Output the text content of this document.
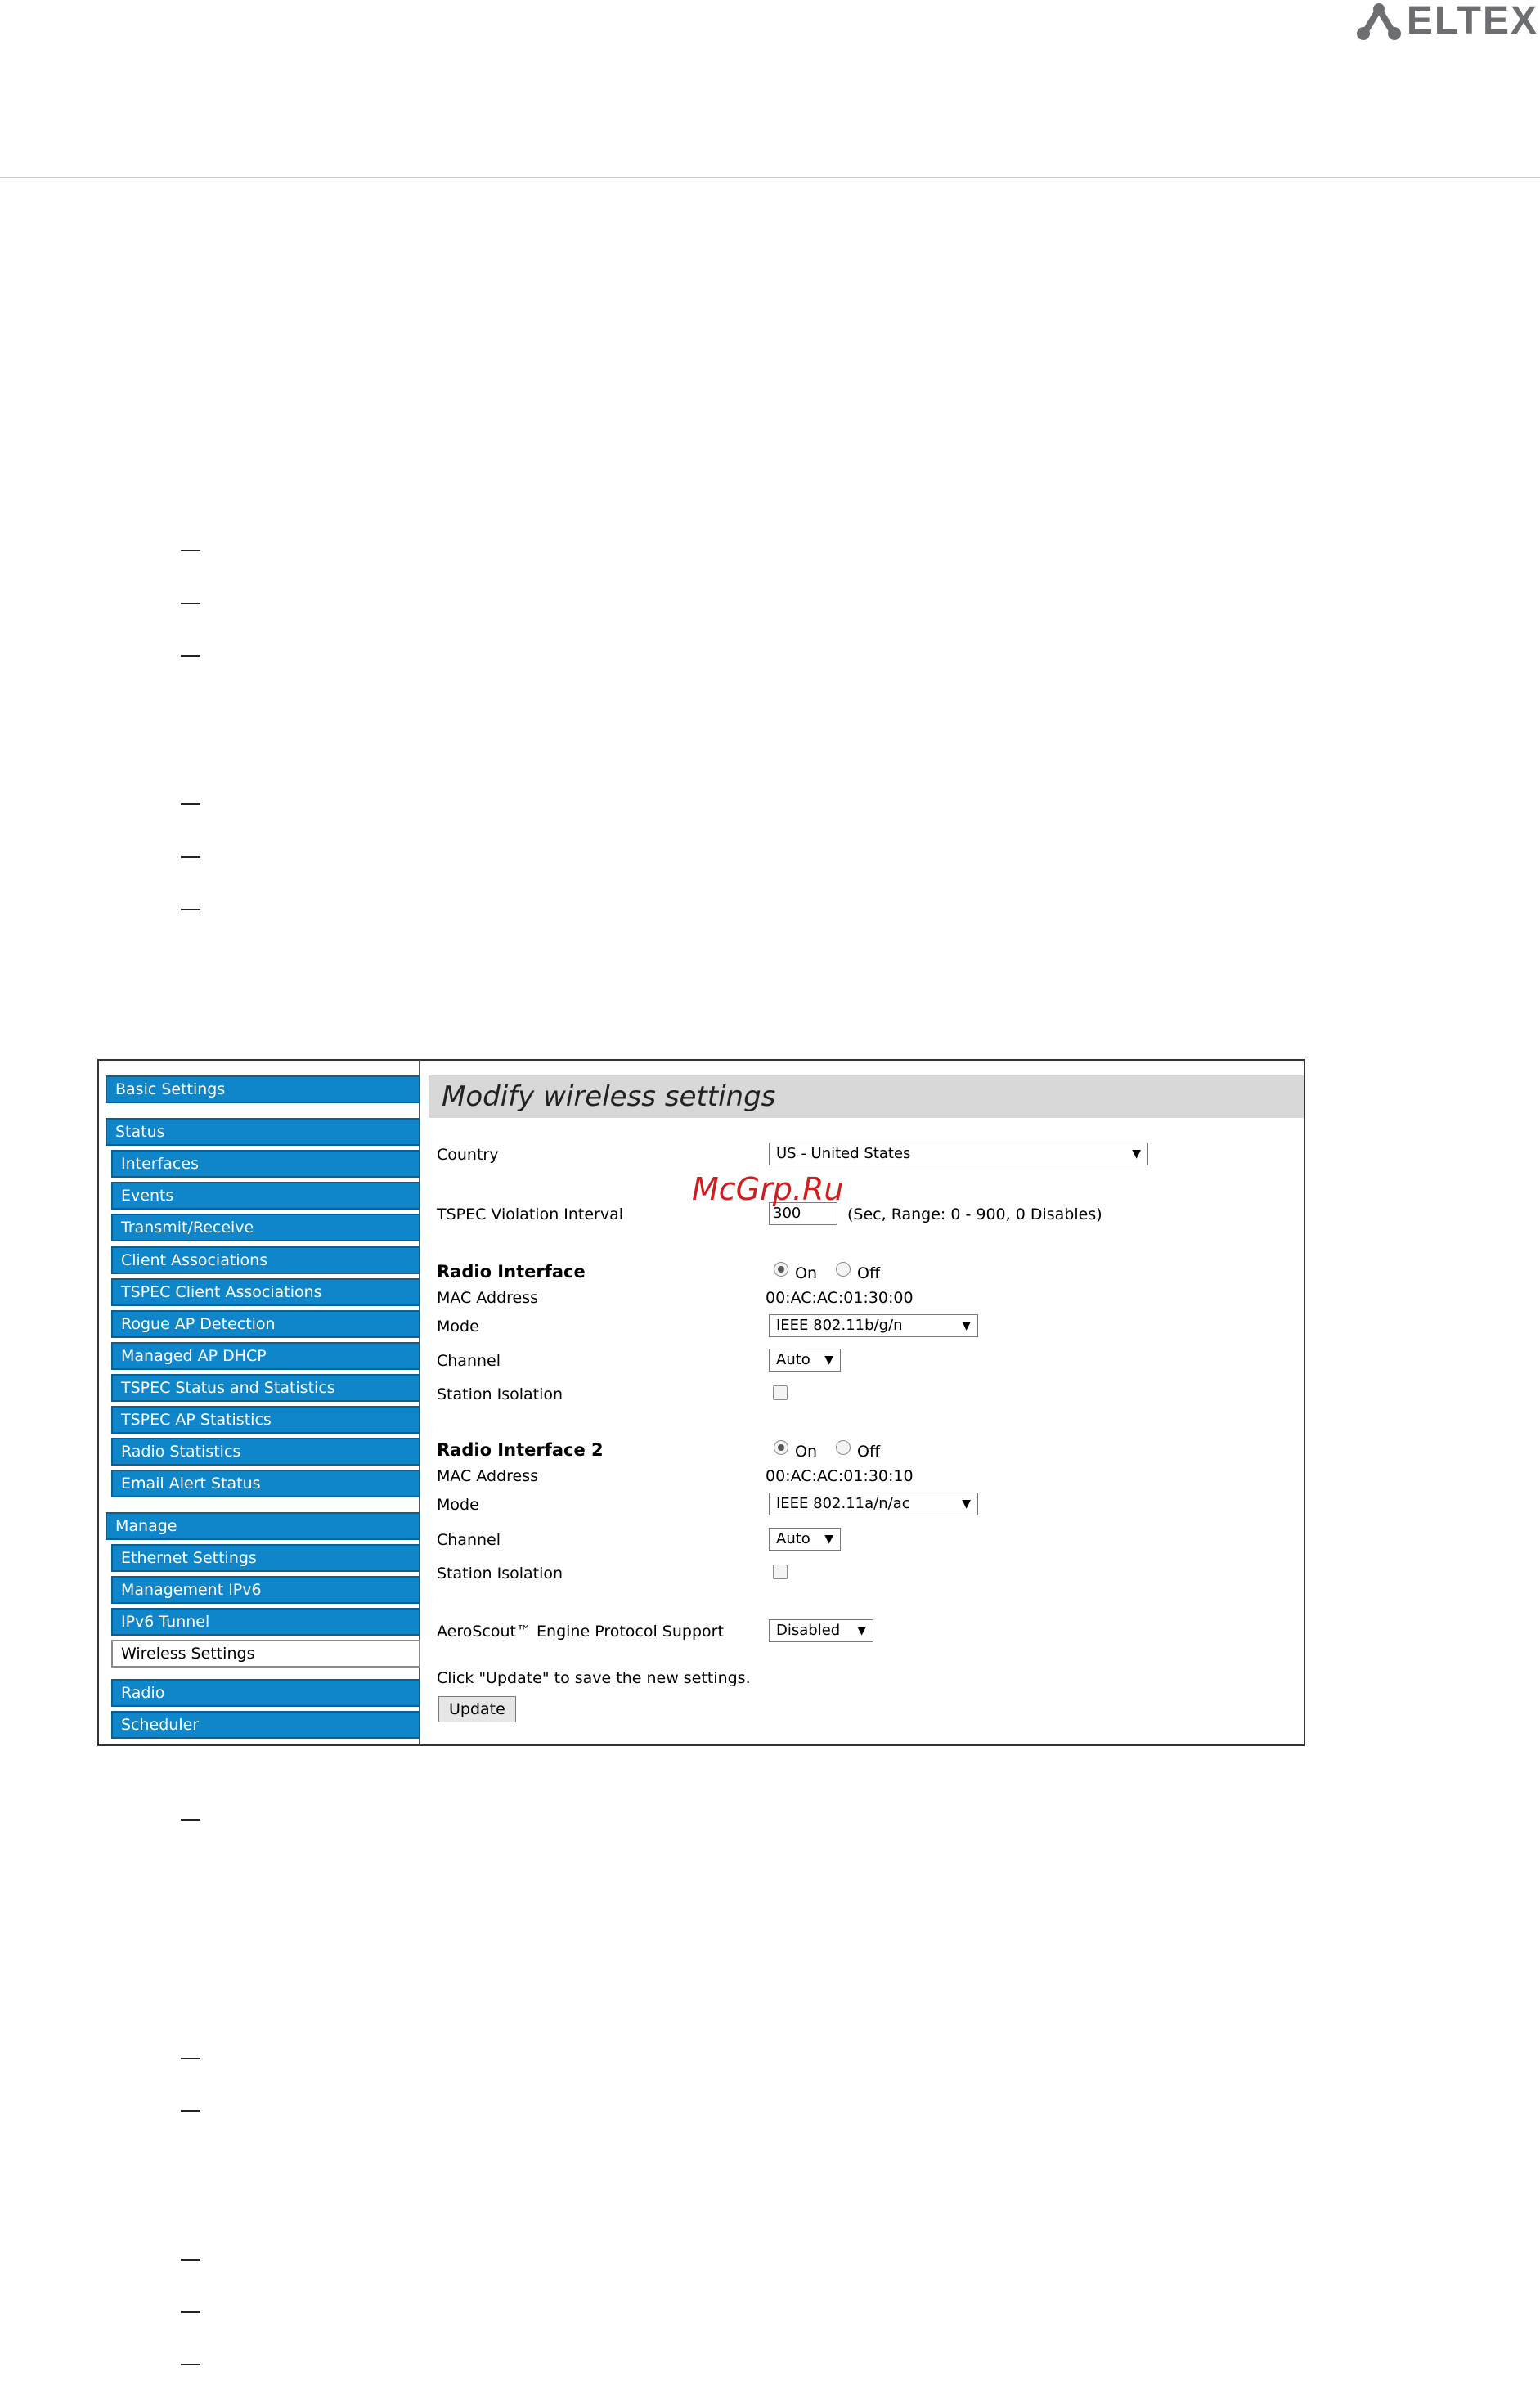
ELTEX
Basic Settings
Status
Interfaces
Events
Transmit/Receive
Client Associations
TSPEC Client Associations
Rogue AP Detection
Managed AP DHCP
TSPEC Status and Statistics
TSPEC AP Statistics
Radio Statistics
Email Alert Status
Manage
Ethernet Settings
Management IPv6
IPv6 Tunnel
Wireless Settings
Radio
Scheduler
Modify wireless settings
Country	US - United States	▼
TSPEC Violation Interval	300	(Sec, Range: 0 - 900, 0 Disables)
Radio Interface	On	Off
MAC Address	00:AC:AC:01:30:00
Mode	IEEE 802.11b/g/n	▼
Channel	Auto ▼
Station Isolation
Radio Interface 2	On	Off
MAC Address	00:AC:AC:01:30:10
Mode	IEEE 802.11a/n/ac	▼
Channel	Auto ▼
Station Isolation
AeroScout™ Engine Protocol Support	Disabled ▼
Click "Update" to save the new settings.
Update
McGrp.Ru
